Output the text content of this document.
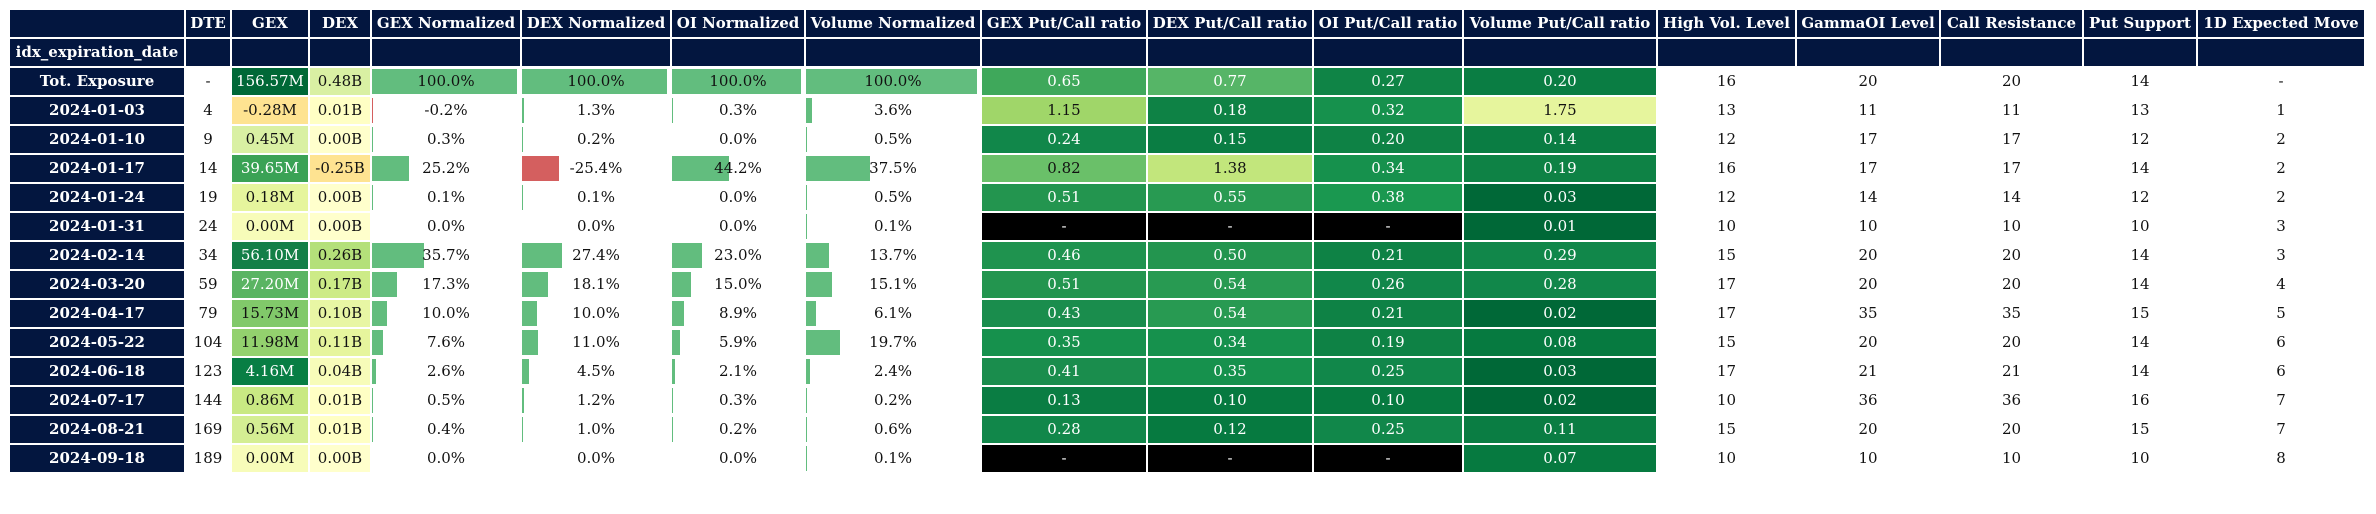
	DTE	GEX	DEX	GEX Normalized	DEX Normalized	OI Normalized	Volume Normalized	GEX Put/Call ratio	DEX Put/Call ratio	OI Put/Call ratio	Volume Put/Call ratio	High Vol. Level	GammaOI Level	Call Resistance	Put Support	1D Expected Move
idx_expiration_date																
Tot. Exposure	-	156.57M	0.48B	100.0%	100.0%	100.0%	100.0%	0.65	0.77	0.27	0.20	16	20	20	14	-
2024-01-03	4	-0.28M	0.01B	-0.2%	1.3%	0.3%	3.6%	1.15	0.18	0.32	1.75	13	11	11	13	1
2024-01-10	9	0.45M	0.00B	0.3%	0.2%	0.0%	0.5%	0.24	0.15	0.20	0.14	12	17	17	12	2
2024-01-17	14	39.65M	-0.25B	25.2%	-25.4%	44.2%	37.5%	0.82	1.38	0.34	0.19	16	17	17	14	2
2024-01-24	19	0.18M	0.00B	0.1%	0.1%	0.0%	0.5%	0.51	0.55	0.38	0.03	12	14	14	12	2
2024-01-31	24	0.00M	0.00B	0.0%	0.0%	0.0%	0.1%	-	-	-	0.01	10	10	10	10	3
2024-02-14	34	56.10M	0.26B	35.7%	27.4%	23.0%	13.7%	0.46	0.50	0.21	0.29	15	20	20	14	3
2024-03-20	59	27.20M	0.17B	17.3%	18.1%	15.0%	15.1%	0.51	0.54	0.26	0.28	17	20	20	14	4
2024-04-17	79	15.73M	0.10B	10.0%	10.0%	8.9%	6.1%	0.43	0.54	0.21	0.02	17	35	35	15	5
2024-05-22	104	11.98M	0.11B	7.6%	11.0%	5.9%	19.7%	0.35	0.34	0.19	0.08	15	20	20	14	6
2024-06-18	123	4.16M	0.04B	2.6%	4.5%	2.1%	2.4%	0.41	0.35	0.25	0.03	17	21	21	14	6
2024-07-17	144	0.86M	0.01B	0.5%	1.2%	0.3%	0.2%	0.13	0.10	0.10	0.02	10	36	36	16	7
2024-08-21	169	0.56M	0.01B	0.4%	1.0%	0.2%	0.6%	0.28	0.12	0.25	0.11	15	20	20	15	7
2024-09-18	189	0.00M	0.00B	0.0%	0.0%	0.0%	0.1%	-	-	-	0.07	10	10	10	10	8
